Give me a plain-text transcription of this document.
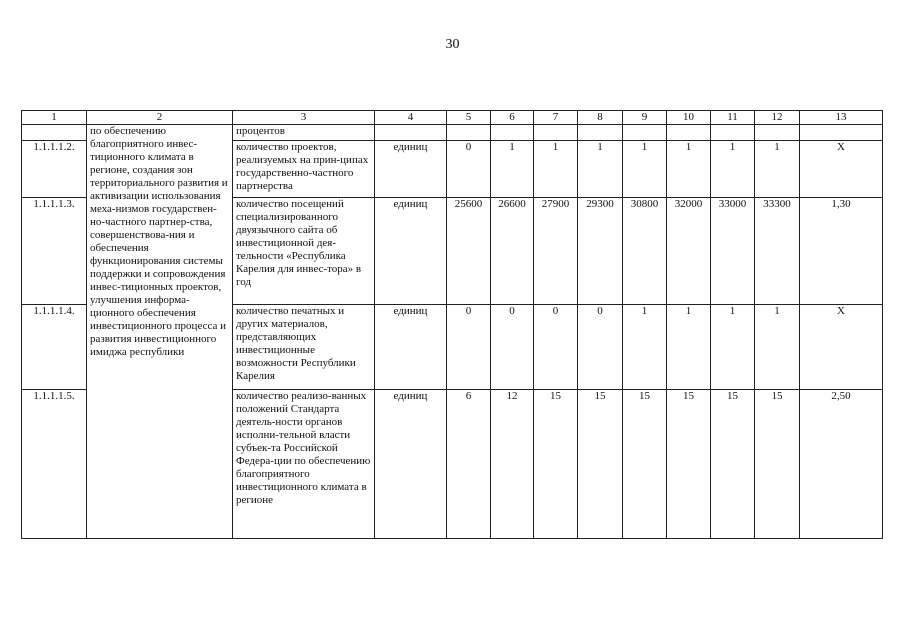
30
1	2	3	4	5	6	7	8	9	10	11	12	13
	по обеспечению благоприятного инвес-тиционного климата в регионе, создания зон территориального развития и активизации использования меха-низмов государствен-но-частного партнер-ства, совершенствова-ния и обеспечения функционирования системы поддержки и сопровождения инвес-тиционных проектов, улучшения информа-ционного обеспечения инвестиционного процесса и развития инвестиционного имиджа республики	процентов										
1.1.1.1.2.		количество проектов, реализуемых на прин-ципах государственно-частного партнерства	единиц	0	1	1	1	1	1	1	1	X
1.1.1.1.3.		количество посещений специализированного двуязычного сайта об инвестиционной дея-тельности «Республика Карелия для инвес-тора» в год	единиц	25600	26600	27900	29300	30800	32000	33000	33300	1,30
1.1.1.1.4.		количество печатных и других материалов, представляющих инвестиционные возможности Республики Карелия	единиц	0	0	0	0	1	1	1	1	X
1.1.1.1.5.		количество реализо-ванных положений Стандарта деятель-ности органов исполни-тельной власти субъек-та Российской Федера-ции по обеспечению благоприятного инвестиционного климата в регионе	единиц	6	12	15	15	15	15	15	15	2,50
